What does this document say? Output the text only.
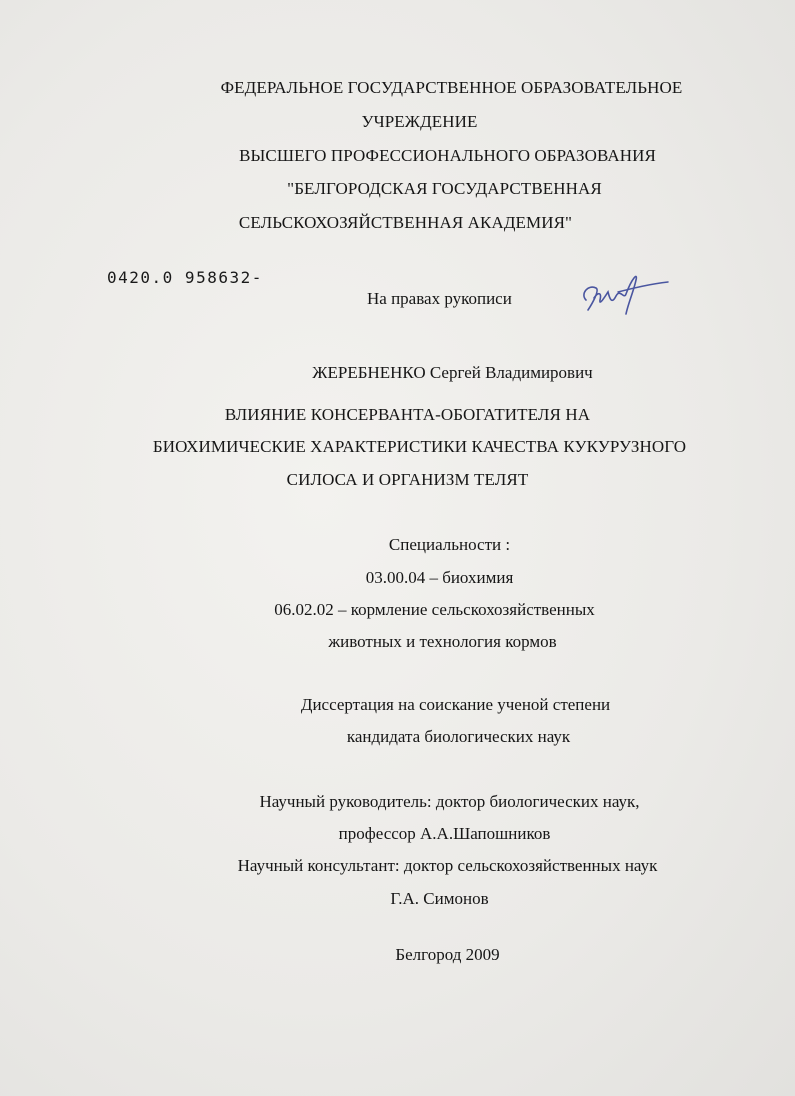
ФЕДЕРАЛЬНОЕ ГОСУДАРСТВЕННОЕ ОБРАЗОВАТЕЛЬНОЕ
УЧРЕЖДЕНИЕ
ВЫСШЕГО ПРОФЕССИОНАЛЬНОГО ОБРАЗОВАНИЯ
"БЕЛГОРОДСКАЯ ГОСУДАРСТВЕННАЯ
СЕЛЬСКОХОЗЯЙСТВЕННАЯ АКАДЕМИЯ"
0420.0 958632-
На правах рукописи
ЖЕРЕБНЕНКО Сергей Владимирович
ВЛИЯНИЕ КОНСЕРВАНТА-ОБОГАТИТЕЛЯ НА
БИОХИМИЧЕСКИЕ ХАРАКТЕРИСТИКИ КАЧЕСТВА КУКУРУЗНОГО
СИЛОСА И ОРГАНИЗМ ТЕЛЯТ
Специальности :
03.00.04 – биохимия
06.02.02 – кормление сельскохозяйственных
животных и технология кормов
Диссертация на соискание ученой степени
кандидата биологических наук
Научный руководитель: доктор биологических наук,
профессор А.А.Шапошников
Научный консультант: доктор сельскохозяйственных наук
Г.А. Симонов
Белгород 2009
